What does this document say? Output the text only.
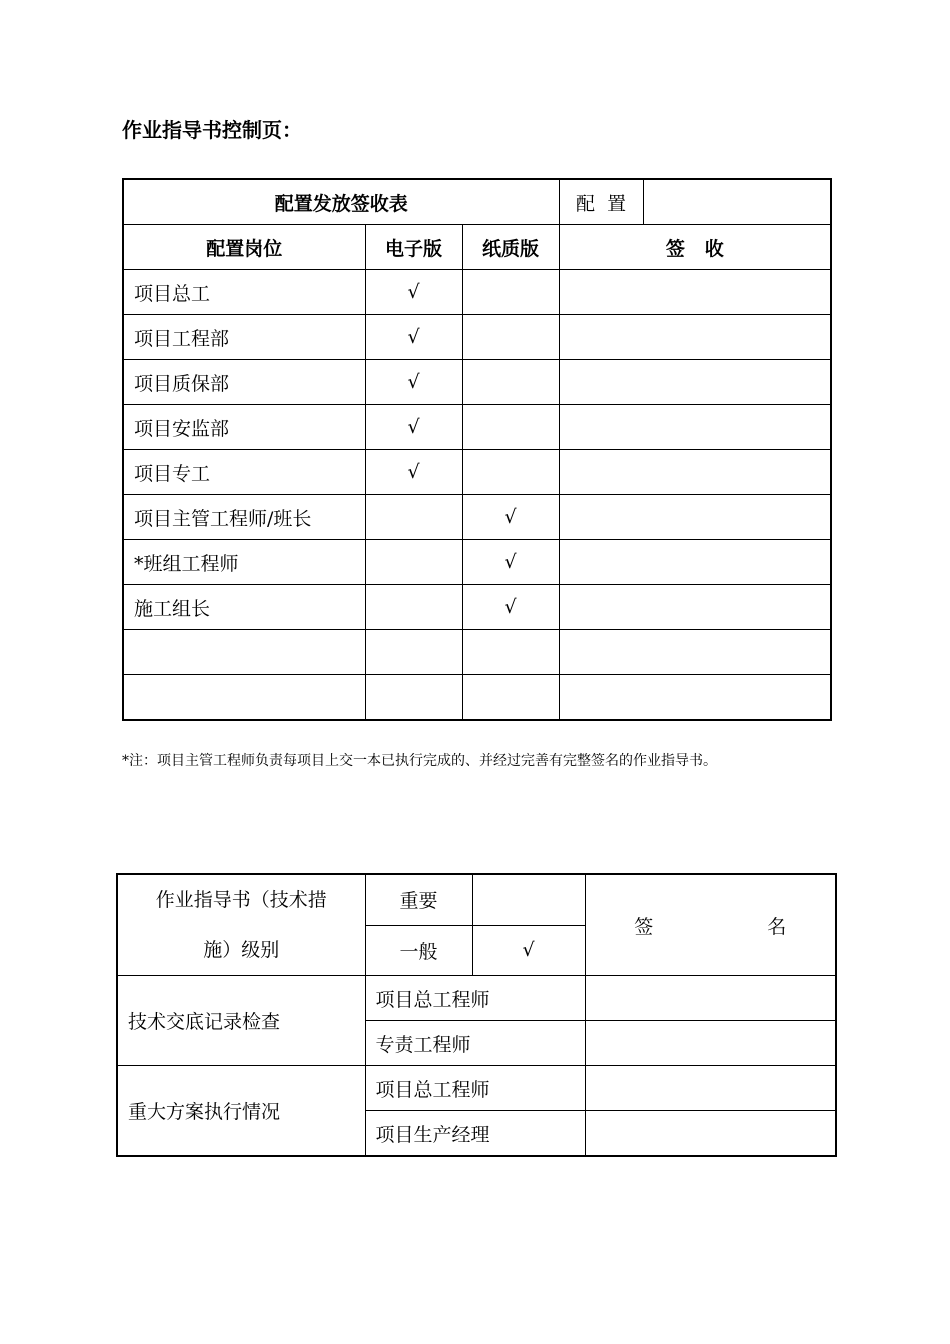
作业指导书控制页：
配置发放签收表			配  置	
配置岗位	电子版	纸质版	签   收	
项目总工	√			
项目工程部	√			
项目质保部	√			
项目安监部	√			
项目专工	√			
项目主管工程师/班长		√		
*班组工程师		√		
施工组长		√		

*注：项目主管工程师负责每项目上交一本已执行完成的、并经过完善有完整签名的作业指导书。
作业指导书（技术措
施）级别	重要		签  名
	一般	√	
技术交底记录检查	项目总工程师		
	专责工程师		
重大方案执行情况	项目总工程师		
	项目生产经理		
